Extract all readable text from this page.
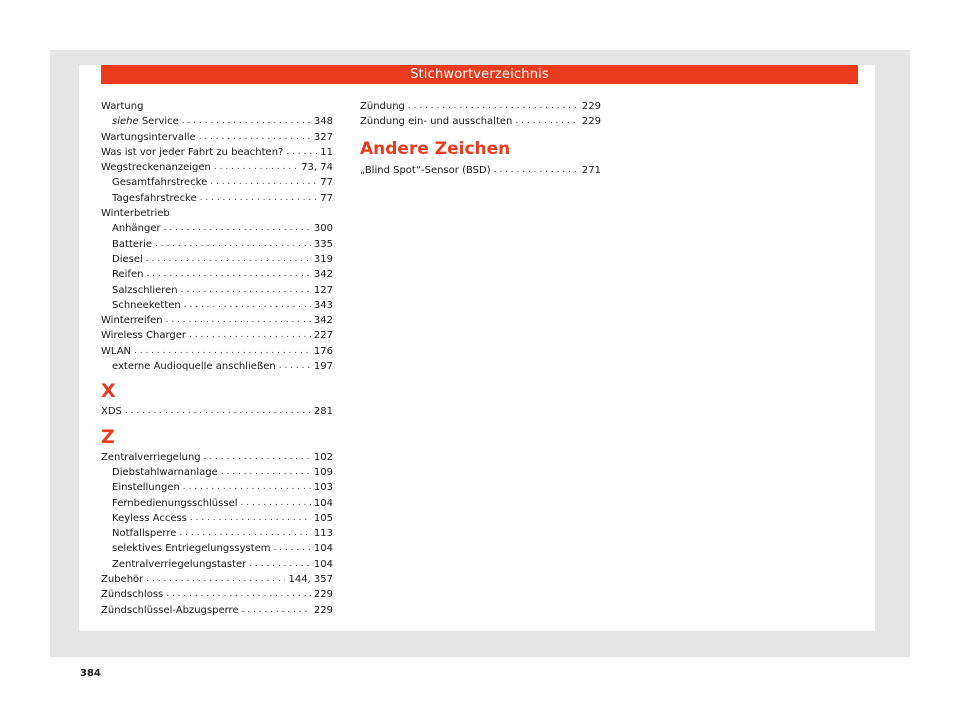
Stichwortverzeichnis
Wartung
siehe Service . . .	348
Wartungsintervalle . . .	327
Was ist vor jeder Fahrt zu beachten? . . .	11
Wegstreckenanzeigen . . .	73, 74
Gesamtfahrstrecke . . .	77
Tagesfahrstrecke . . .	77
Winterbetrieb
Anhänger . . .	300
Batterie . . .	335
Diesel . . .	319
Reifen . . .	342
Salzschlieren . . .	127
Schneeketten . . .	343
Winterreifen . . .	342
Wireless Charger . . .	227
WLAN . . .	176
externe Audioquelle anschließen . . .	197
X
XDS . . .	281
Z
Zentralverriegelung . . .	102
Diebstahlwarnanlage . . .	109
Einstellungen . . .	103
Fernbedienungsschlüssel . . .	104
Keyless Access . . .	105
Notfallsperre . . .	113
selektives Entriegelungssystem . . .	104
Zentralverriegelungstaster . . .	104
Zubehör . . .	144, 357
Zündschloss . . .	229
Zündschlüssel-Abzugsperre . . .	229
Zündung . . .	229
Zündung ein- und ausschalten . . .	229
Andere Zeichen
„Blind Spot“-Sensor (BSD) . . .	271
384
